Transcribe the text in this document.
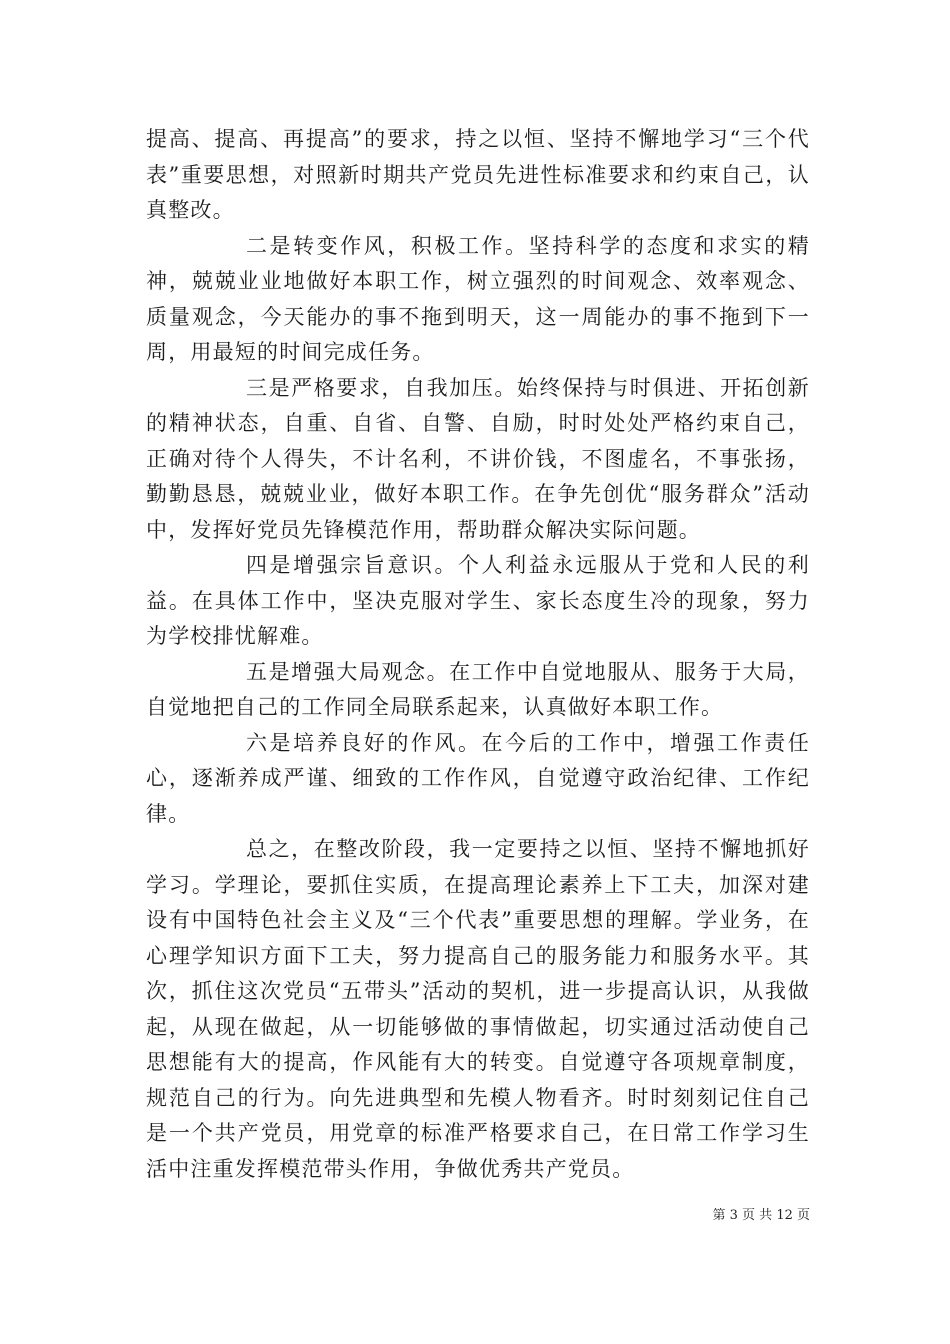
提高、提高、再提高”的要求，持之以恒、坚持不懈地学习“三个代表”重要思想，对照新时期共产党员先进性标准要求和约束自己，认真整改。

二是转变作风，积极工作。坚持科学的态度和求实的精神，兢兢业业地做好本职工作，树立强烈的时间观念、效率观念、质量观念，今天能办的事不拖到明天，这一周能办的事不拖到下一周，用最短的时间完成任务。

三是严格要求，自我加压。始终保持与时俱进、开拓创新的精神状态，自重、自省、自警、自励，时时处处严格约束自己，正确对待个人得失，不计名利，不讲价钱，不图虚名，不事张扬，勤勤恳恳，兢兢业业，做好本职工作。在争先创优“服务群众”活动中，发挥好党员先锋模范作用，帮助群众解决实际问题。

四是增强宗旨意识。个人利益永远服从于党和人民的利益。在具体工作中，坚决克服对学生、家长态度生冷的现象，努力为学校排忧解难。

五是增强大局观念。在工作中自觉地服从、服务于大局，自觉地把自己的工作同全局联系起来，认真做好本职工作。

六是培养良好的作风。在今后的工作中，增强工作责任心，逐渐养成严谨、细致的工作作风，自觉遵守政治纪律、工作纪律。

总之，在整改阶段，我一定要持之以恒、坚持不懈地抓好学习。学理论，要抓住实质，在提高理论素养上下工夫，加深对建设有中国特色社会主义及“三个代表”重要思想的理解。学业务，在心理学知识方面下工夫，努力提高自己的服务能力和服务水平。其次，抓住这次党员“五带头”活动的契机，进一步提高认识，从我做起，从现在做起，从一切能够做的事情做起，切实通过活动使自己思想能有大的提高，作风能有大的转变。自觉遵守各项规章制度，规范自己的行为。向先进典型和先模人物看齐。时时刻刻记住自己是一个共产党员，用党章的标准严格要求自己，在日常工作学习生活中注重发挥模范带头作用，争做优秀共产党员。

第 3 页 共 12 页
